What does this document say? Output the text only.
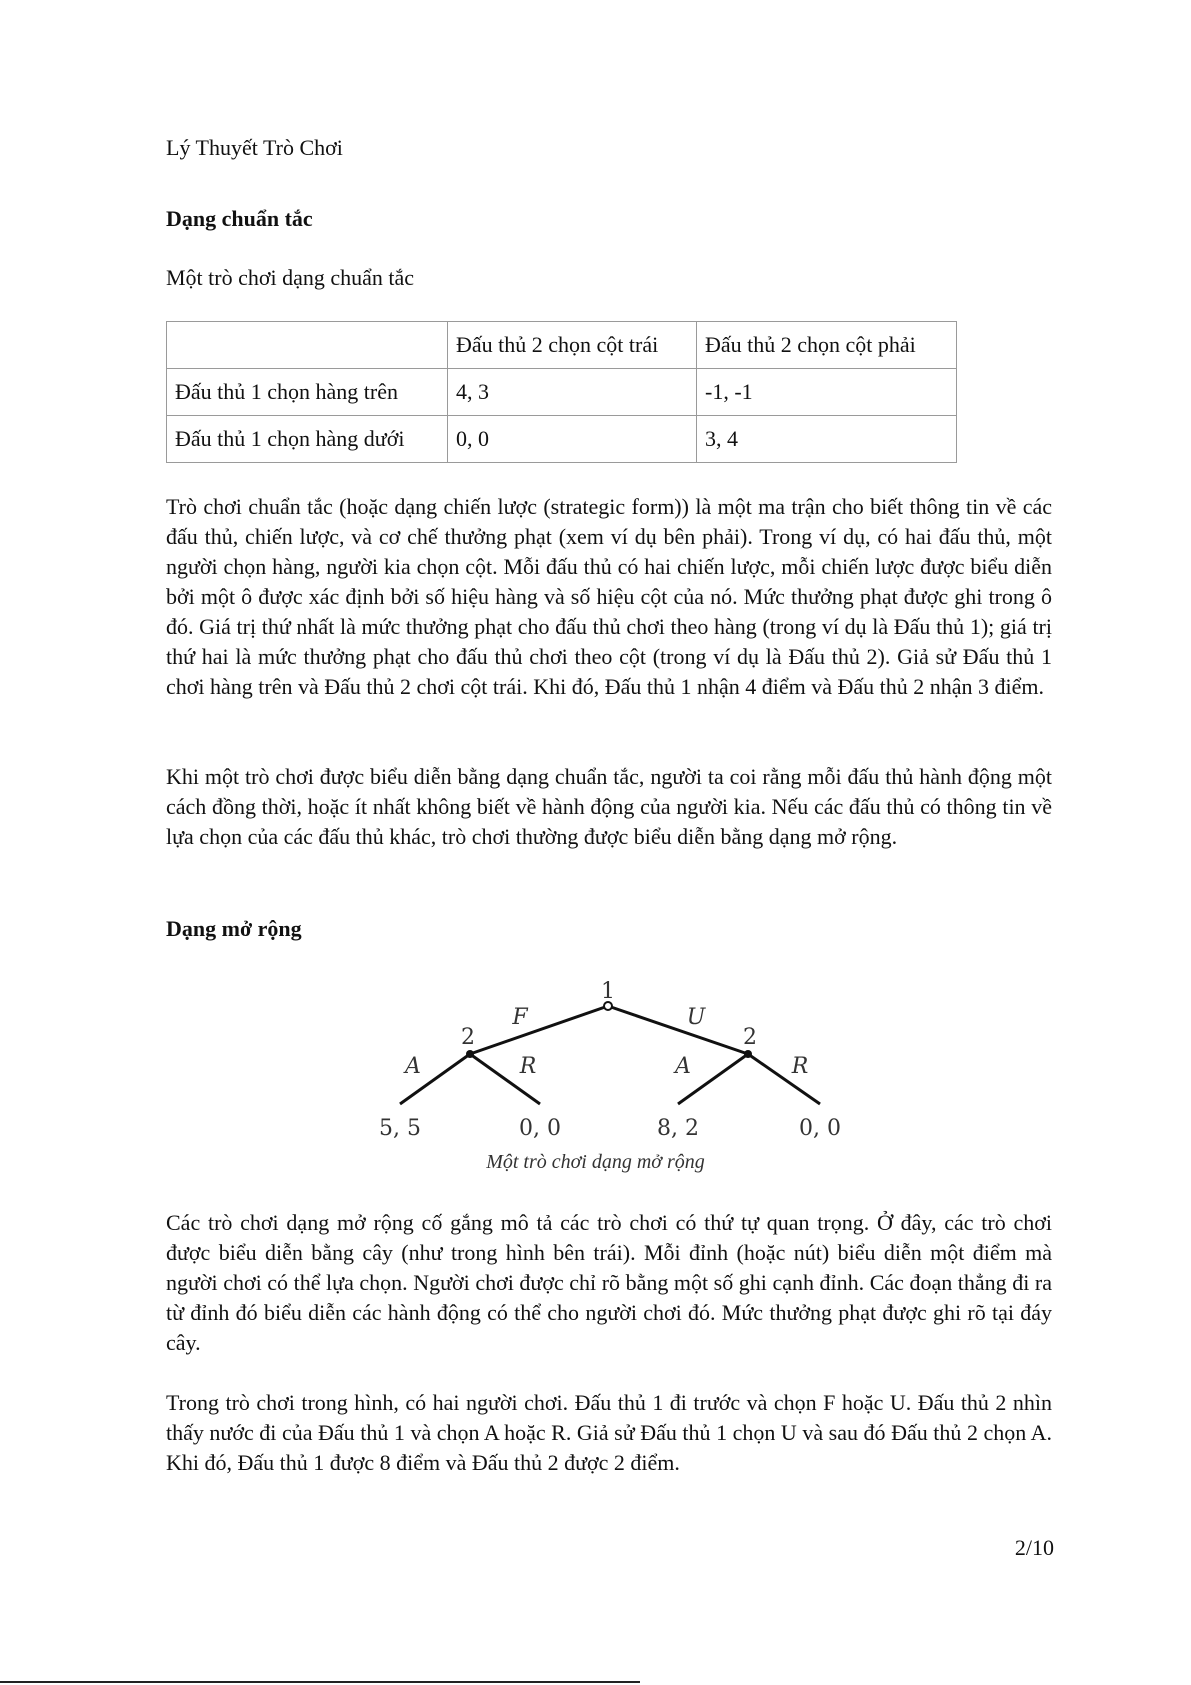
Lý Thuyết Trò Chơi
Dạng chuẩn tắc
Một trò chơi dạng chuẩn tắc
	Đấu thủ 2 chọn cột trái	Đấu thủ 2 chọn cột phải
Đấu thủ 1 chọn hàng trên	4, 3	-1, -1
Đấu thủ 1 chọn hàng dưới	0, 0	3, 4

Trò chơi chuẩn tắc (hoặc dạng chiến lược (strategic form)) là một ma trận cho biết thông tin về các đấu thủ, chiến lược, và cơ chế thưởng phạt (xem ví dụ bên phải). Trong ví dụ, có hai đấu thủ, một người chọn hàng, người kia chọn cột. Mỗi đấu thủ có hai chiến lược, mỗi chiến lược được biểu diễn bởi một ô được xác định bởi số hiệu hàng và số hiệu cột của nó. Mức thưởng phạt được ghi trong ô đó. Giá trị thứ nhất là mức thưởng phạt cho đấu thủ chơi theo hàng (trong ví dụ là Đấu thủ 1); giá trị thứ hai là mức thưởng phạt cho đấu thủ chơi theo cột (trong ví dụ là Đấu thủ 2). Giả sử Đấu thủ 1 chơi hàng trên và Đấu thủ 2 chơi cột trái. Khi đó, Đấu thủ 1 nhận 4 điểm và Đấu thủ 2 nhận 3 điểm.

Khi một trò chơi được biểu diễn bằng dạng chuẩn tắc, người ta coi rằng mỗi đấu thủ hành động một cách đồng thời, hoặc ít nhất không biết về hành động của người kia. Nếu các đấu thủ có thông tin về lựa chọn của các đấu thủ khác, trò chơi thường được biểu diễn bằng dạng mở rộng.

Dạng mở rộng
1
2	2
F	U
A	R	A	R
5, 5	0, 0	8, 2	0, 0
Một trò chơi dạng mở rộng

Các trò chơi dạng mở rộng cố gắng mô tả các trò chơi có thứ tự quan trọng. Ở đây, các trò chơi được biểu diễn bằng cây (như trong hình bên trái). Mỗi đỉnh (hoặc nút) biểu diễn một điểm mà người chơi có thể lựa chọn. Người chơi được chỉ rõ bằng một số ghi cạnh đỉnh. Các đoạn thẳng đi ra từ đỉnh đó biểu diễn các hành động có thể cho người chơi đó. Mức thưởng phạt được ghi rõ tại đáy cây.

Trong trò chơi trong hình, có hai người chơi. Đấu thủ 1 đi trước và chọn F hoặc U. Đấu thủ 2 nhìn thấy nước đi của Đấu thủ 1 và chọn A hoặc R. Giả sử Đấu thủ 1 chọn U và sau đó Đấu thủ 2 chọn A. Khi đó, Đấu thủ 1 được 8 điểm và Đấu thủ 2 được 2 điểm.

2/10
